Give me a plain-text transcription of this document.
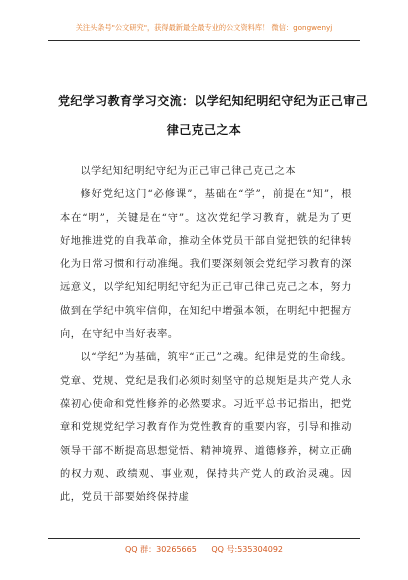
关注头条号"公文研究"，获得最新最全最专业的公文资料库！ 微信：gongwenyj
党纪学习教育学习交流：以学纪知纪明纪守纪为正己审己
律己克己之本

以学纪知纪明纪守纪为正己审己律己克己之本

修好党纪这门“必修课”，基础在“学”，前提在“知”，根本在“明”，关键是在“守”。这次党纪学习教育，就是为了更好地推进党的自我革命，推动全体党员干部自觉把铁的纪律转化为日常习惯和行动准绳。我们要深刻领会党纪学习教育的深远意义，以学纪知纪明纪守纪为正己审己律己克己之本，努力做到在学纪中筑牢信仰，在知纪中增强本领，在明纪中把握方向，在守纪中当好表率。

以“学纪”为基础，筑牢“正己”之魂。纪律是党的生命线。党章、党规、党纪是我们必须时刻坚守的总规矩是共产党人永葆初心使命和党性修养的必然要求。习近平总书记指出，把党章和党规党纪学习教育作为党性教育的重要内容，引导和推动领导干部不断提高思想觉悟、精神境界、道德修养，树立正确的权力观、政绩观、事业观，保持共产党人的政治灵魂。因此，党员干部要始终保持虚

QQ 群：30265665 QQ 号:535304092
